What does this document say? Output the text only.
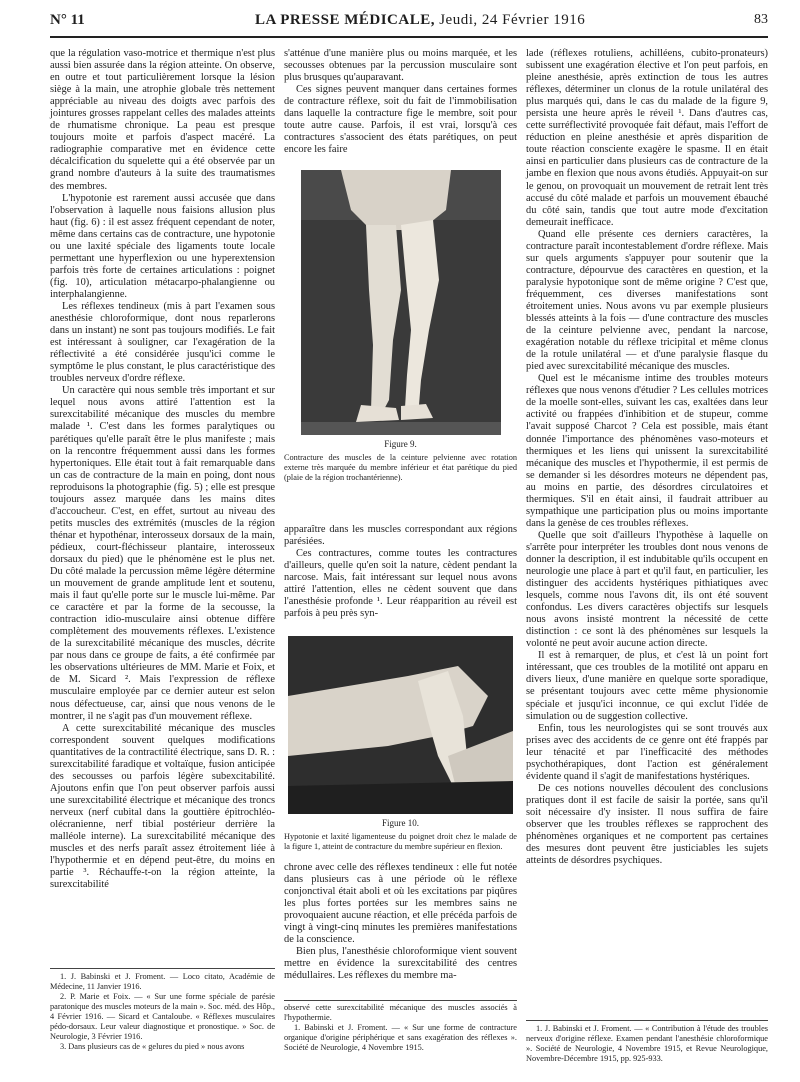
N° 11	LA PRESSE MÉDICALE, Jeudi, 24 Février 1916	83

que la régulation vaso-motrice et thermique n'est plus aussi bien assurée dans la région atteinte. On observe, en outre et tout particulièrement lorsque la lésion siège à la main, une atrophie globale très nettement appréciable au niveau des doigts avec parfois des jointures grosses rappelant celles des malades atteints de rhumatisme chronique. La peau est presque toujours moite et parfois d'aspect macéré. La radiographie comparative met en évidence cette décalcification du squelette qui a été observée par un grand nombre d'auteurs à la suite des traumatismes des membres.

L'hypotonie est rarement aussi accusée que dans l'observation à laquelle nous faisions allusion plus haut (fig. 6) : il est assez fréquent cependant de noter, même dans certains cas de contracture, une hypotonie ou une laxité spéciale des ligaments toute locale permettant une hyperflexion ou une hyperextension parfois très forte de certaines articulations : poignet (fig. 10), articulation métacarpo-phalangienne ou interphalangienne.

Les réflexes tendineux (mis à part l'examen sous anesthésie chloroformique, dont nous reparlerons dans un instant) ne sont pas toujours modifiés. Le fait est intéressant à souligner, car l'exagération de la réflectivité a été considérée jusqu'ici comme le symptôme le plus constant, le plus caractéristique des troubles nerveux d'ordre réflexe.

Un caractère qui nous semble très important et sur lequel nous avons attiré l'attention est la surexcitabilité mécanique des muscles du membre malade ¹. C'est dans les formes paralytiques ou parétiques qu'elle paraît être le plus manifeste ; mais on la rencontre fréquemment aussi dans les formes hypertoniques. Elle était tout à fait remarquable dans un cas de contracture de la main en poing, dont nous reproduisons la photographie (fig. 5) ; elle est presque toujours assez marquée dans les mains dites d'accoucheur. C'est, en effet, surtout au niveau des petits muscles des extrémités (muscles de la région thénar et hypothénar, interosseux dorsaux de la main, pédieux, court-fléchisseur plantaire, interosseux dorsaux du pied) que le phénomène est le plus net. Du côté malade la percussion même légère détermine un mouvement de grande amplitude lent et soutenu, mais il faut qu'elle porte sur le muscle lui-même. Par ce caractère et par la forme de la secousse, la contraction idio-musculaire ainsi obtenue diffère complètement des mouvements réflexes. L'existence de la surexcitabilité mécanique des muscles, décrite par nous dans ce groupe de faits, a été confirmée par les observations ultérieures de MM. Marie et Foix, et de M. Sicard ². Mais l'expression de réflexe musculaire employée par ce dernier auteur est selon nous défectueuse, car, ainsi que nous venons de le montrer, il ne s'agit pas d'un mouvement réflexe.

A cette surexcitabilité mécanique des muscles correspondent souvent quelques modifications quantitatives de la contractilité électrique, sans D. R. : surexcitabilité faradique et voltaïque, fusion anticipée des secousses ou parfois légère subexcitabilité. Ajoutons enfin que l'on peut observer parfois aussi une surexcitabilité électrique et mécanique des troncs nerveux (nerf cubital dans la gouttière épitrochléo-olécranienne, nerf tibial postérieur derrière la malléole interne). La surexcitabilité mécanique des muscles et des nerfs paraît assez étroitement liée à l'hypothermie et en dépend peut-être, du moins en partie ³. Réchauffe-t-on la région atteinte, la surexcitabilité

1. J. Babinski et J. Froment. — Loco citato, Académie de Médecine, 11 Janvier 1916.

2. P. Marie et Foix. — « Sur une forme spéciale de parésie paratonique des muscles moteurs de la main ». Soc. méd. des Hôp., 4 Février 1916. — Sicard et Cantaloube. « Réflexes musculaires pédo-dorsaux. Leur valeur diagnostique et pronostique. » Soc. de Neurologie, 3 Février 1916.

3. Dans plusieurs cas de « gelures du pied » nous avons

s'atténue d'une manière plus ou moins marquée, et les secousses obtenues par la percussion musculaire sont plus brusques qu'auparavant.

Ces signes peuvent manquer dans certaines formes de contracture réflexe, soit du fait de l'immobilisation dans laquelle la contracture fige le membre, soit pour toute autre cause. Parfois, il est vrai, lorsqu'à ces contractures s'associent des états parétiques, on peut encore les faire

Figure 9.
Contracture des muscles de la ceinture pelvienne avec rotation externe très marquée du membre inférieur et état parétique du pied (plaie de la région trochantérienne).

apparaître dans les muscles correspondant aux régions parésiées.

Ces contractures, comme toutes les contractures d'ailleurs, quelle qu'en soit la nature, cèdent pendant la narcose. Mais, fait intéressant sur lequel nous avons attiré l'attention, elles ne cèdent souvent que dans l'anesthésie profonde ¹. Leur réapparition au réveil est parfois à peu près syn-

Figure 10.
Hypotonie et laxité ligamenteuse du poignet droit chez le malade de la figure 1, atteint de contracture du membre supérieur en flexion.

chrone avec celle des réflexes tendineux : elle fut notée dans plusieurs cas à une période où le réflexe conjonctival était aboli et où les excitations par piqûres les plus fortes portées sur les membres sains ne provoquaient aucune réaction, et elle précéda parfois de vingt à vingt-cinq minutes les premières manifestations de la conscience.

Bien plus, l'anesthésie chloroformique vient souvent mettre en évidence la surexcitabilité des centres médullaires. Les réflexes du membre ma-

observé cette surexcitabilité mécanique des muscles associés à l'hypothermie.

1. Babinski et J. Froment. — « Sur une forme de contracture organique d'origine périphérique et sans exagération des réflexes ». Société de Neurologie, 4 Novembre 1915.

lade (réflexes rotuliens, achilléens, cubito-pronateurs) subissent une exagération élective et l'on peut parfois, en pleine anesthésie, après extinction de tous les autres réflexes, déterminer un clonus de la rotule unilatéral des plus marqués qui, dans le cas du malade de la figure 9, persista une heure après le réveil ¹. Dans d'autres cas, cette surréflectivité provoquée fait défaut, mais l'effort de réduction en pleine anesthésie et après disparition de toute réaction consciente exagère le spasme. Il en était ainsi en particulier dans plusieurs cas de contracture de la jambe en flexion que nous avons étudiés. Appuyait-on sur le genou, on provoquait un mouvement de retrait lent très accusé du côté malade et parfois un mouvement ébauché du côté sain, tandis que tout autre mode d'excitation demeurait inefficace.

Quand elle présente ces derniers caractères, la contracture paraît incontestablement d'ordre réflexe. Mais sur quels arguments s'appuyer pour soutenir que la contracture, dépourvue des caractères en question, et la paralysie hypotonique sont de même origine ? C'est que, fréquemment, ces diverses manifestations sont étroitement unies. Nous avons vu par exemple plusieurs blessés atteints à la fois — d'une contracture des muscles de la ceinture pelvienne avec, pendant la narcose, exagération notable du réflexe tricipital et même clonus de la rotule unilatéral — et d'une paralysie flasque du pied avec surexcitabilité mécanique des muscles.

Quel est le mécanisme intime des troubles moteurs réflexes que nous venons d'étudier ? Les cellules motrices de la moelle sont-elles, suivant les cas, exaltées dans leur activité ou frappées d'inhibition et de stupeur, comme l'avait supposé Charcot ? Cela est possible, mais étant donnée l'importance des phénomènes vaso-moteurs et thermiques et les liens qui unissent la surexcitabilité mécanique des muscles et l'hypothermie, il est permis de se demander si les désordres moteurs ne dépendent pas, au moins en partie, des désordres circulatoires et thermiques. S'il en était ainsi, il faudrait attribuer au sympathique une participation plus ou moins importante dans la genèse de ces troubles réflexes.

Quelle que soit d'ailleurs l'hypothèse à laquelle on s'arrête pour interpréter les troubles dont nous venons de donner la description, il est indubitable qu'ils occupent en neurologie une place à part et qu'il faut, en particulier, les distinguer des accidents hystériques pithiatiques avec lesquels, comme nous l'avons dit, ils ont été souvent confondus. Les divers caractères objectifs sur lesquels nous avons insisté montrent la nécessité de cette distinction : ce sont là des phénomènes sur lesquels la volonté ne peut avoir aucune action directe.

Il est à remarquer, de plus, et c'est là un point fort intéressant, que ces troubles de la motilité ont apparu en divers lieux, d'une manière en quelque sorte sporadique, se présentant toujours avec cette même physionomie spéciale et jusqu'ici inconnue, ce qui exclut l'idée de simulation ou de suggestion collective.

Enfin, tous les neurologistes qui se sont trouvés aux prises avec des accidents de ce genre ont été frappés par leur ténacité et par l'inefficacité des méthodes psychothérapiques, dont l'action est généralement évidente quand il s'agit de manifestations hystériques.

De ces notions nouvelles découlent des conclusions pratiques dont il est facile de saisir la portée, sans qu'il soit nécessaire d'y insister. Il nous suffira de faire observer que les troubles réflexes se rapprochent des phénomènes organiques et ne comportent pas certaines des mesures dont peuvent être justiciables les sujets atteints de désordres psychiques.

1. J. Babinski et J. Froment. — « Contribution à l'étude des troubles nerveux d'origine réflexe. Examen pendant l'anesthésie chloroformique ». Société de Neurologie, 4 Novembre 1915, et Revue Neurologique, Novembre-Décembre 1915, pp. 925-933.
